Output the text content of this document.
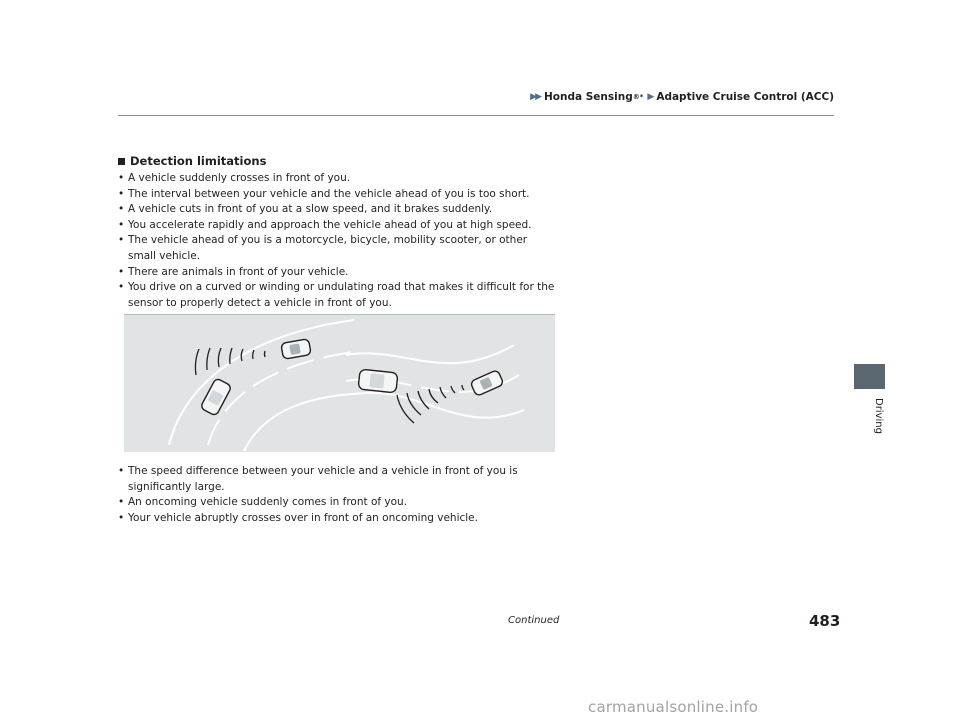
▶▶ Honda Sensing ®* ▶ Adaptive Cruise Control (ACC)
Driving
Detection limitations
• A vehicle suddenly crosses in front of you.
• The interval between your vehicle and the vehicle ahead of you is too short.
• A vehicle cuts in front of you at a slow speed, and it brakes suddenly.
• You accelerate rapidly and approach the vehicle ahead of you at high speed.
• The vehicle ahead of you is a motorcycle, bicycle, mobility scooter, or other small vehicle.
• There are animals in front of your vehicle.
• You drive on a curved or winding or undulating road that makes it difficult for the sensor to properly detect a vehicle in front of you.
• The speed difference between your vehicle and a vehicle in front of you is significantly large.
• An oncoming vehicle suddenly comes in front of you.
• Your vehicle abruptly crosses over in front of an oncoming vehicle.
Continued	483
carmanualsonline.info
